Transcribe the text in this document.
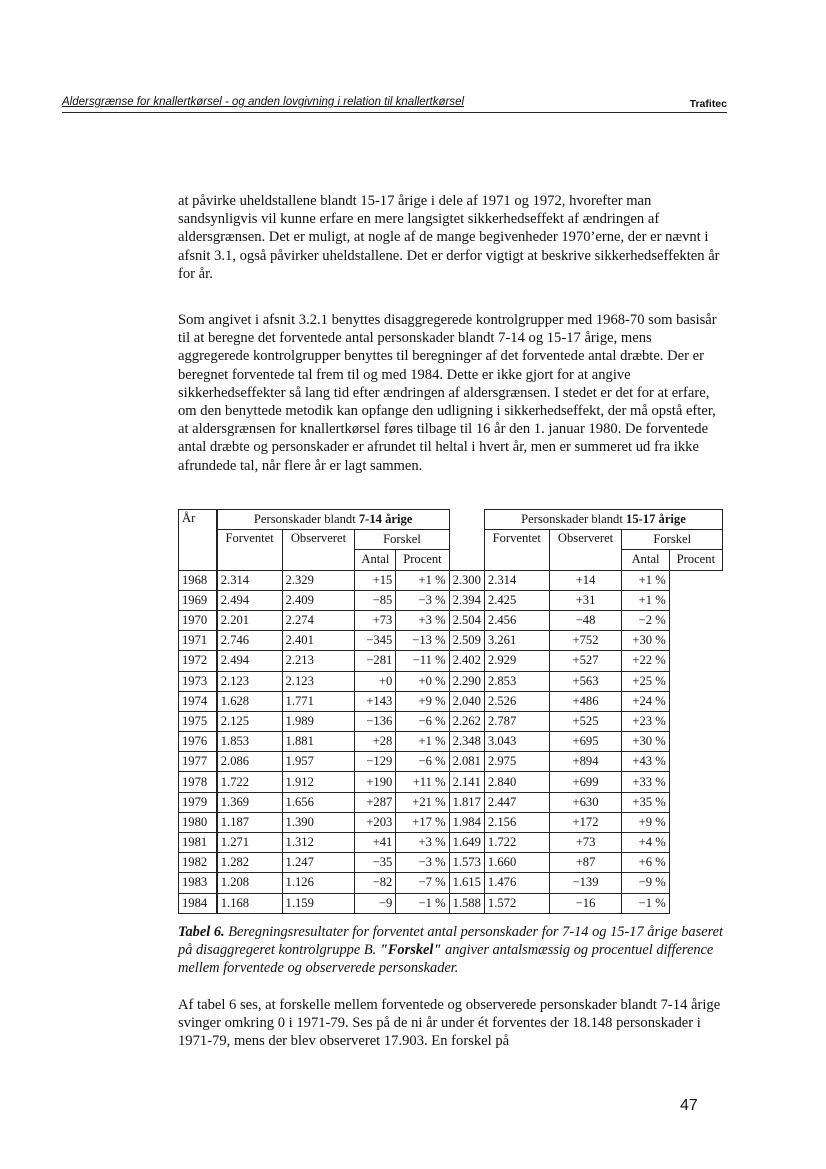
Aldersgrænse for knallertkørsel - og anden lovgivning i relation til knallertkørsel	Trafitec

at påvirke uheldstallene blandt 15-17 årige i dele af 1971 og 1972, hvorefter man sandsynligvis vil kunne erfare en mere langsigtet sikkerhedseffekt af ændringen af aldersgrænsen. Det er muligt, at nogle af de mange begivenheder 1970’erne, der er nævnt i afsnit 3.1, også påvirker uheldstallene. Det er derfor vigtigt at beskrive sikkerhedseffekten år for år.

Som angivet i afsnit 3.2.1 benyttes disaggregerede kontrolgrupper med 1968-70 som basisår til at beregne det forventede antal personskader blandt 7-14 og 15-17 årige, mens aggregerede kontrolgrupper benyttes til beregninger af det forventede antal dræbte. Der er beregnet forventede tal frem til og med 1984. Dette er ikke gjort for at angive sikkerhedseffekter så lang tid efter ændringen af aldersgrænsen. I stedet er det for at erfare, om den benyttede metodik kan opfange den udligning i sikkerhedseffekt, der må opstå efter, at aldersgrænsen for knallertkørsel føres tilbage til 16 år den 1. januar 1980. De forventede antal dræbte og personskader er afrundet til heltal i hvert år, men er summeret ud fra ikke afrundede tal, når flere år er lagt sammen.

År	Personskader blandt 7-14 årige					Personskader blandt 15-17 årige			
	Forventet	Observeret	Forskel			Forventet	Observeret	Forskel	
			Antal	Procent				Antal	Procent
1968	2.314	2.329	+15	+1 %	2.300	2.314	+14	+1 %	
1969	2.494	2.409	−85	−3 %	2.394	2.425	+31	+1 %	
1970	2.201	2.274	+73	+3 %	2.504	2.456	−48	−2 %	
1971	2.746	2.401	−345	−13 %	2.509	3.261	+752	+30 %	
1972	2.494	2.213	−281	−11 %	2.402	2.929	+527	+22 %	
1973	2.123	2.123	+0	+0 %	2.290	2.853	+563	+25 %	
1974	1.628	1.771	+143	+9 %	2.040	2.526	+486	+24 %	
1975	2.125	1.989	−136	−6 %	2.262	2.787	+525	+23 %	
1976	1.853	1.881	+28	+1 %	2.348	3.043	+695	+30 %	
1977	2.086	1.957	−129	−6 %	2.081	2.975	+894	+43 %	
1978	1.722	1.912	+190	+11 %	2.141	2.840	+699	+33 %	
1979	1.369	1.656	+287	+21 %	1.817	2.447	+630	+35 %	
1980	1.187	1.390	+203	+17 %	1.984	2.156	+172	+9 %	
1981	1.271	1.312	+41	+3 %	1.649	1.722	+73	+4 %	
1982	1.282	1.247	−35	−3 %	1.573	1.660	+87	+6 %	
1983	1.208	1.126	−82	−7 %	1.615	1.476	−139	−9 %	
1984	1.168	1.159	−9	−1 %	1.588	1.572	−16	−1 %	
Tabel 6. Beregningsresultater for forventet antal personskader for 7-14 og 15-17 årige baseret på disaggregeret kontrolgruppe B. "Forskel" angiver antalsmæssig og procentuel difference mellem forventede og observerede personskader.

Af tabel 6 ses, at forskelle mellem forventede og observerede personskader blandt 7-14 årige svinger omkring 0 i 1971-79. Ses på de ni år under ét forventes der 18.148 personskader i 1971-79, mens der blev observeret 17.903. En forskel på

47
